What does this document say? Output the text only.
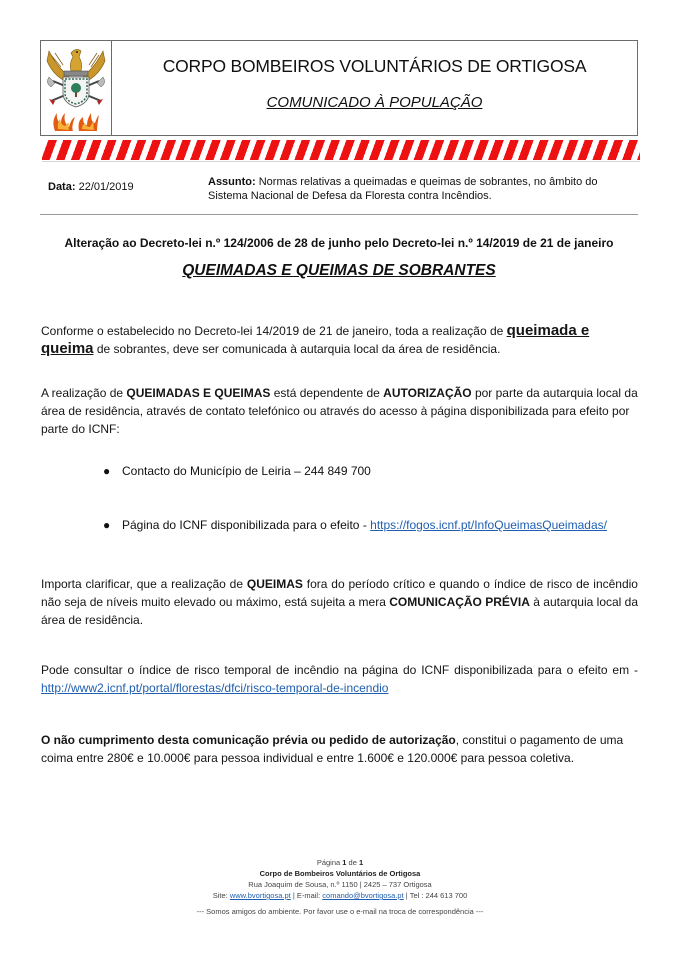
CORPO BOMBEIROS VOLUNTÁRIOS DE ORTIGOSA
COMUNICADO À POPULAÇÃO
Data: 22/01/2019	Assunto: Normas relativas a queimadas e queimas de sobrantes, no âmbito do Sistema Nacional de Defesa da Floresta contra Incêndios.
Alteração ao Decreto-lei n.º 124/2006 de 28 de junho pelo Decreto-lei n.º 14/2019 de 21 de janeiro
QUEIMADAS E QUEIMAS DE SOBRANTES
Conforme o estabelecido no Decreto-lei 14/2019 de 21 de janeiro, toda a realização de queimada e queima de sobrantes, deve ser comunicada à autarquia local da área de residência.
A realização de QUEIMADAS E QUEIMAS está dependente de AUTORIZAÇÃO por parte da autarquia local da área de residência, através de contato telefónico ou através do acesso à página disponibilizada para efeito por parte do ICNF:
● Contacto do Município de Leiria – 244 849 700
● Página do ICNF disponibilizada para o efeito - https://fogos.icnf.pt/InfoQueimasQueimadas/
Importa clarificar, que a realização de QUEIMAS fora do período crítico e quando o índice de risco de incêndio não seja de níveis muito elevado ou máximo, está sujeita a mera COMUNICAÇÃO PRÉVIA à autarquia local da área de residência.
Pode consultar o índice de risco temporal de incêndio na página do ICNF disponibilizada para o efeito em - http://www2.icnf.pt/portal/florestas/dfci/risco-temporal-de-incendio
O não cumprimento desta comunicação prévia ou pedido de autorização, constitui o pagamento de uma coima entre 280€ e 10.000€ para pessoa individual e entre 1.600€ e 120.000€ para pessoa coletiva.
Página 1 de 1
Corpo de Bombeiros Voluntários de Ortigosa
Rua Joaquim de Sousa, n.º 1150 | 2425 – 737 Ortigosa
Site: www.bvortigosa.pt | E-mail: comando@bvortigosa.pt | Tel : 244 613 700
--- Somos amigos do ambiente. Por favor use o e-mail na troca de correspondência ---
